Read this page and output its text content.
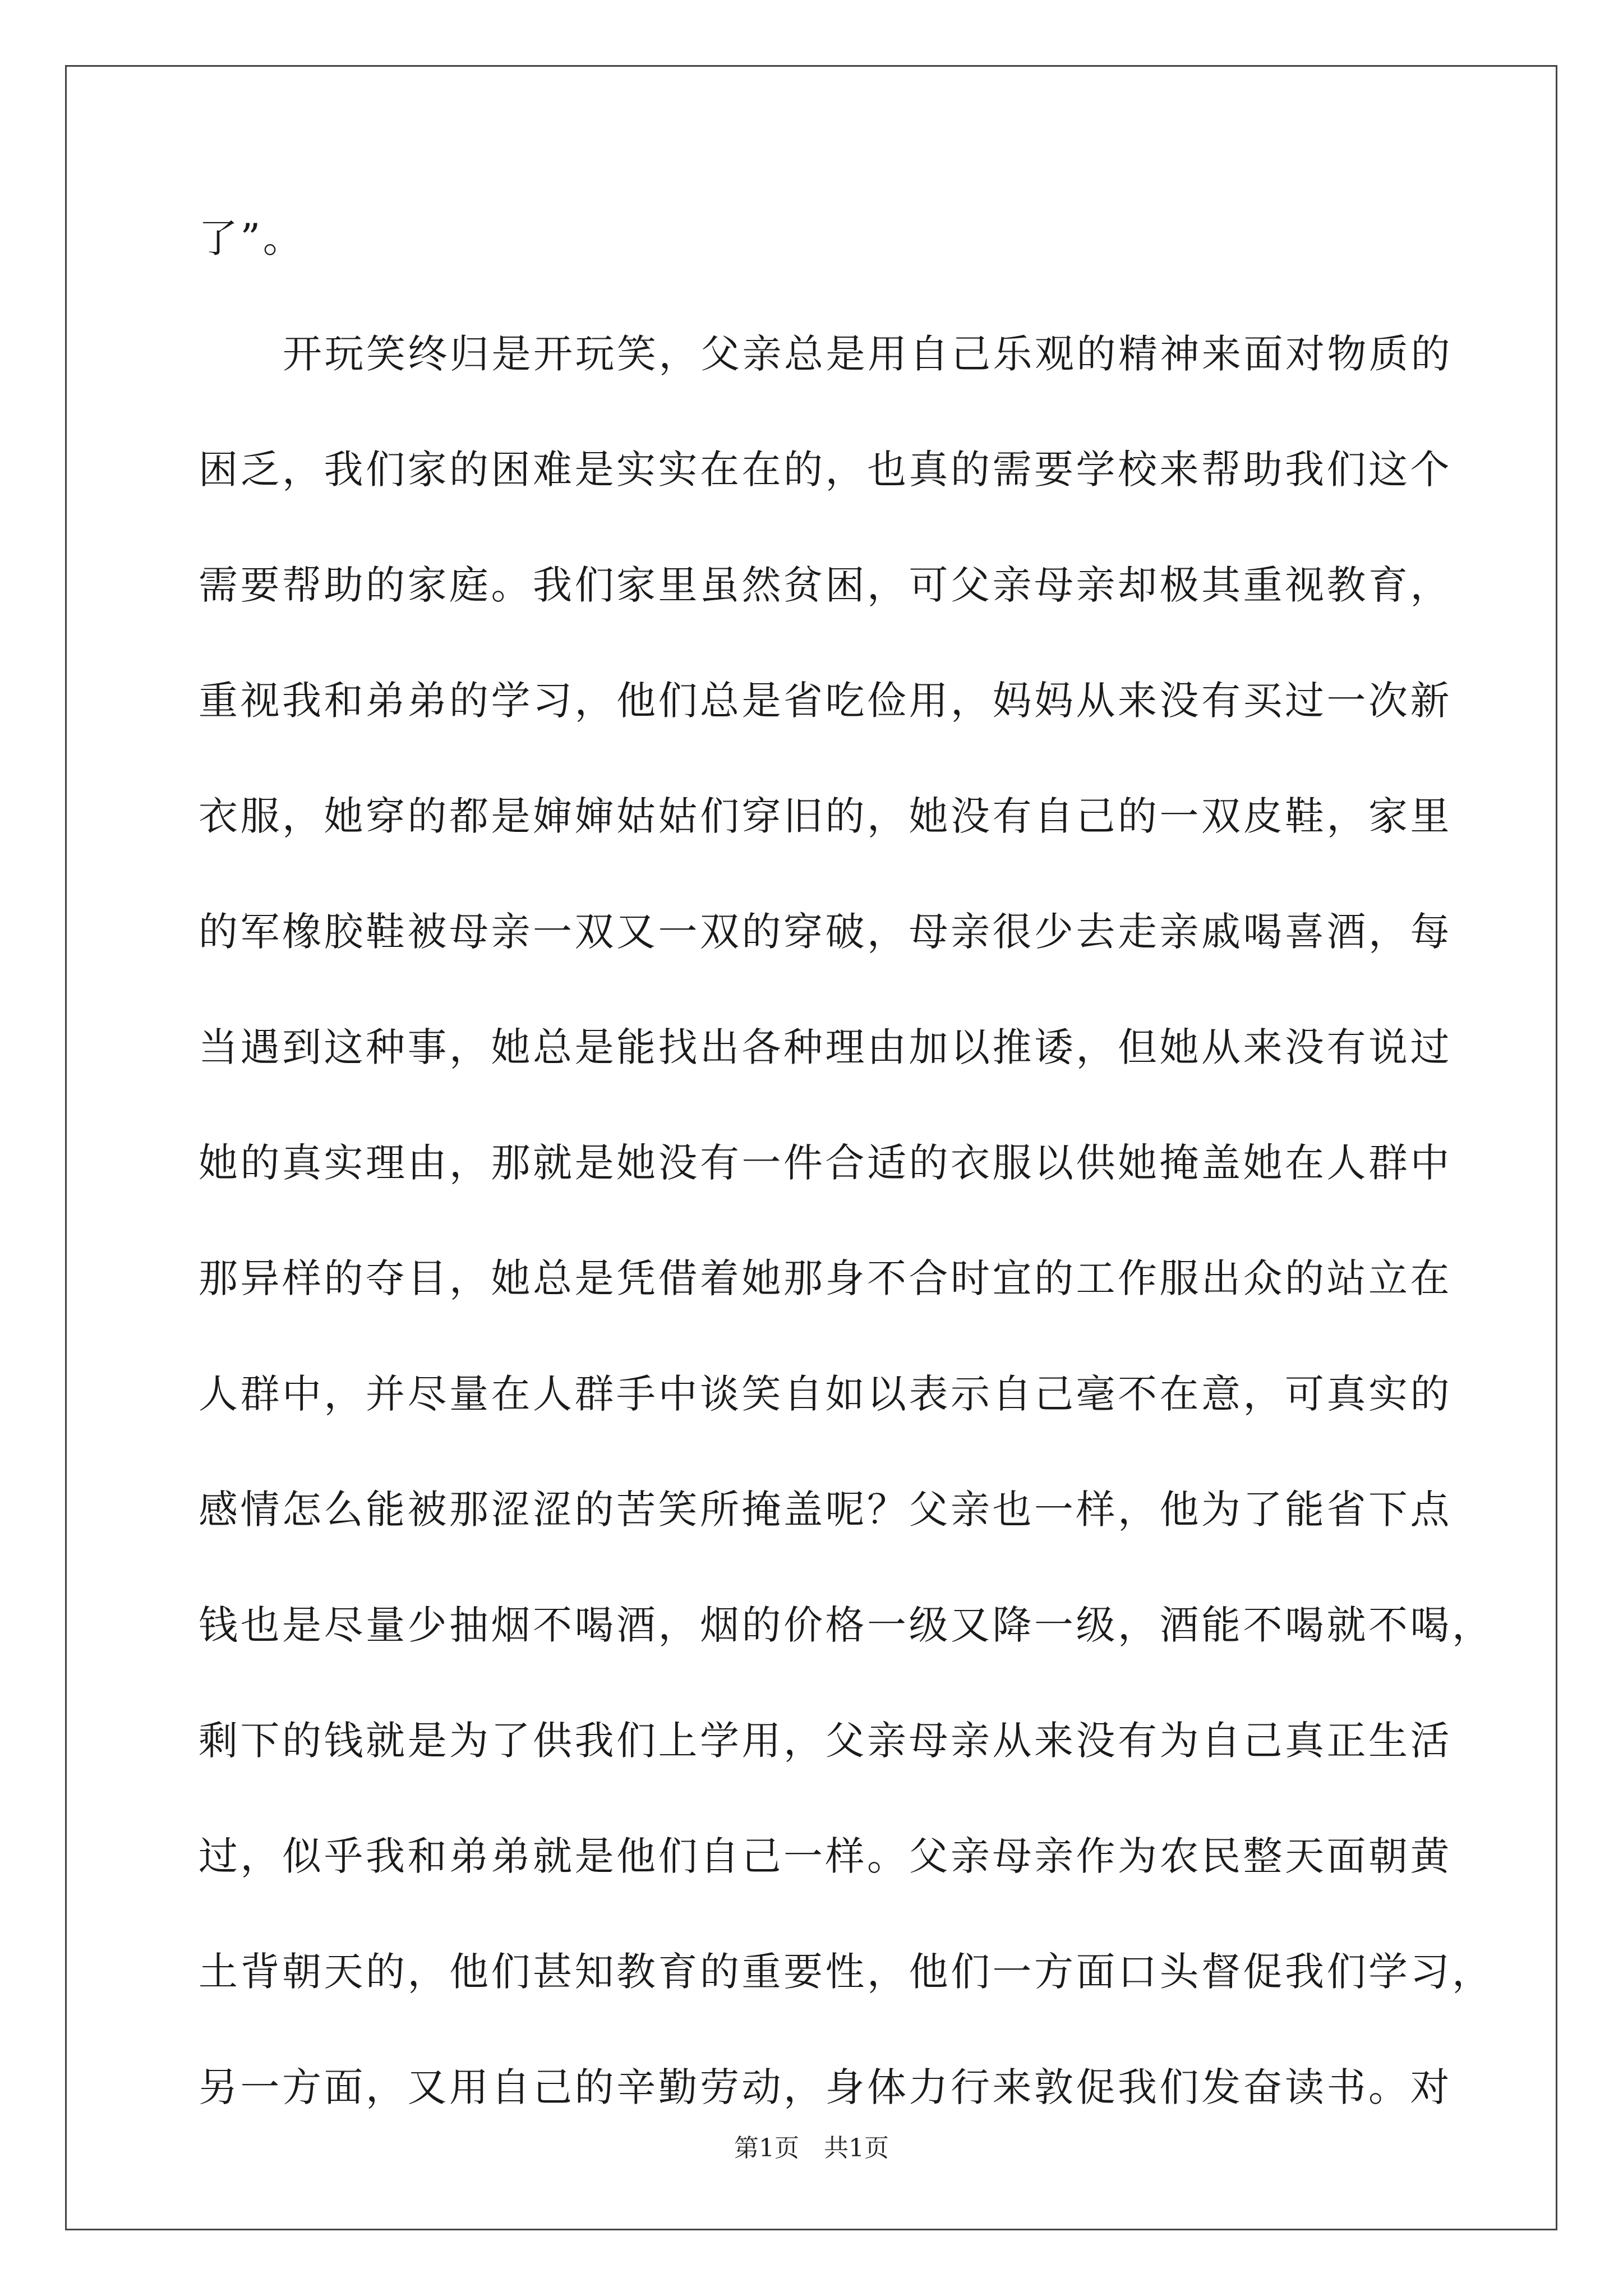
了”。
开玩笑终归是开玩笑，父亲总是用自己乐观的精神来面对物质的
困乏，我们家的困难是实实在在的，也真的需要学校来帮助我们这个
需要帮助的家庭。我们家里虽然贫困，可父亲母亲却极其重视教育，
重视我和弟弟的学习，他们总是省吃俭用，妈妈从来没有买过一次新
衣服，她穿的都是婶婶姑姑们穿旧的，她没有自己的一双皮鞋，家里
的军橡胶鞋被母亲一双又一双的穿破，母亲很少去走亲戚喝喜酒，每
当遇到这种事，她总是能找出各种理由加以推诿，但她从来没有说过
她的真实理由，那就是她没有一件合适的衣服以供她掩盖她在人群中
那异样的夺目，她总是凭借着她那身不合时宜的工作服出众的站立在
人群中，并尽量在人群手中谈笑自如以表示自己毫不在意，可真实的
感情怎么能被那涩涩的苦笑所掩盖呢？父亲也一样，他为了能省下点
钱也是尽量少抽烟不喝酒，烟的价格一级又降一级，酒能不喝就不喝，
剩下的钱就是为了供我们上学用，父亲母亲从来没有为自己真正生活
过，似乎我和弟弟就是他们自己一样。父亲母亲作为农民整天面朝黄
土背朝天的，他们甚知教育的重要性，他们一方面口头督促我们学习，
另一方面，又用自己的辛勤劳动，身体力行来敦促我们发奋读书。对
第1页　共1页
